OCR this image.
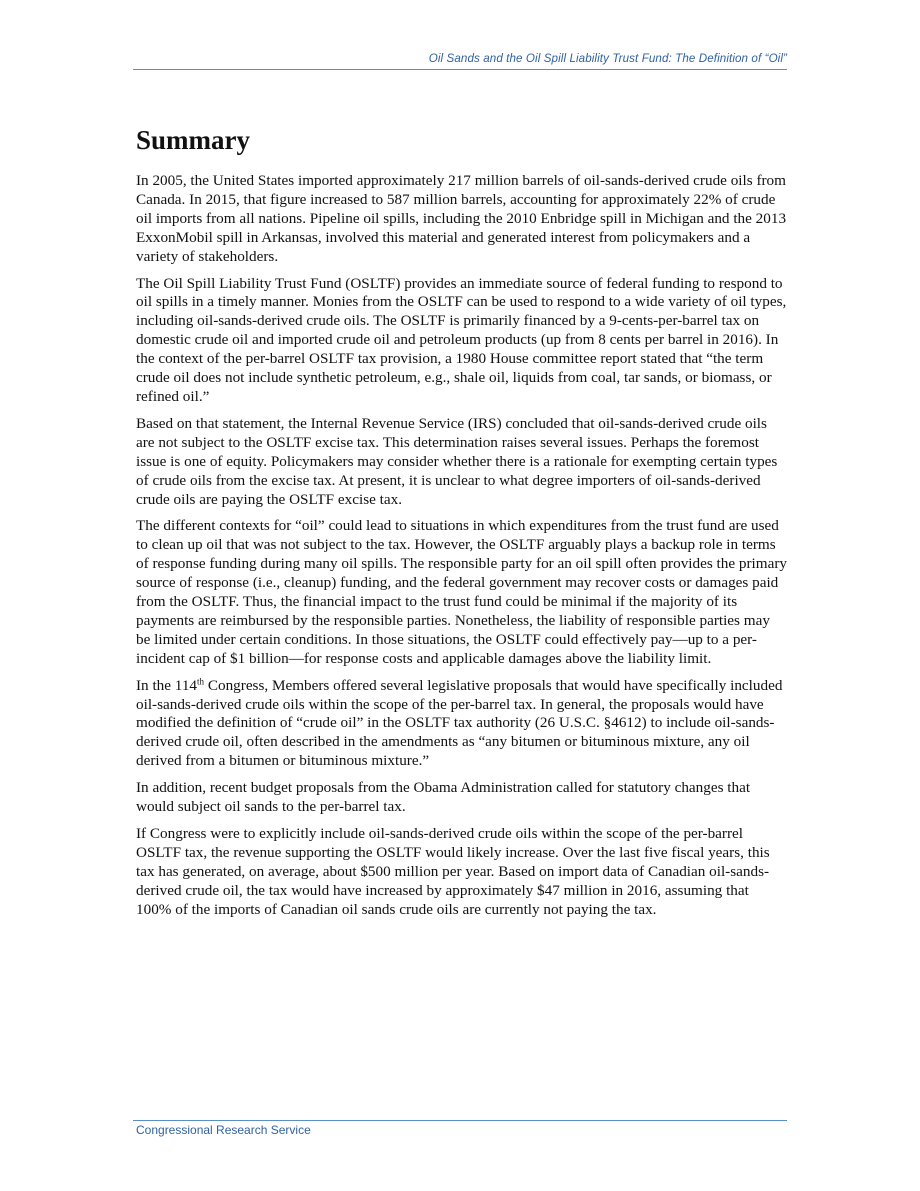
Oil Sands and the Oil Spill Liability Trust Fund: The Definition of “Oil”
Summary

In 2005, the United States imported approximately 217 million barrels of oil-sands-derived crude oils from Canada. In 2015, that figure increased to 587 million barrels, accounting for approximately 22% of crude oil imports from all nations. Pipeline oil spills, including the 2010 Enbridge spill in Michigan and the 2013 ExxonMobil spill in Arkansas, involved this material and generated interest from policymakers and a variety of stakeholders.

The Oil Spill Liability Trust Fund (OSLTF) provides an immediate source of federal funding to respond to oil spills in a timely manner. Monies from the OSLTF can be used to respond to a wide variety of oil types, including oil-sands-derived crude oils. The OSLTF is primarily financed by a 9-cents-per-barrel tax on domestic crude oil and imported crude oil and petroleum products (up from 8 cents per barrel in 2016). In the context of the per-barrel OSLTF tax provision, a 1980 House committee report stated that “the term crude oil does not include synthetic petroleum, e.g., shale oil, liquids from coal, tar sands, or biomass, or refined oil.”

Based on that statement, the Internal Revenue Service (IRS) concluded that oil-sands-derived crude oils are not subject to the OSLTF excise tax. This determination raises several issues. Perhaps the foremost issue is one of equity. Policymakers may consider whether there is a rationale for exempting certain types of crude oils from the excise tax. At present, it is unclear to what degree importers of oil-sands-derived crude oils are paying the OSLTF excise tax.

The different contexts for “oil” could lead to situations in which expenditures from the trust fund are used to clean up oil that was not subject to the tax. However, the OSLTF arguably plays a backup role in terms of response funding during many oil spills. The responsible party for an oil spill often provides the primary source of response (i.e., cleanup) funding, and the federal government may recover costs or damages paid from the OSLTF. Thus, the financial impact to the trust fund could be minimal if the majority of its payments are reimbursed by the responsible parties. Nonetheless, the liability of responsible parties may be limited under certain conditions. In those situations, the OSLTF could effectively pay—up to a per-incident cap of $1 billion—for response costs and applicable damages above the liability limit.

In the 114th Congress, Members offered several legislative proposals that would have specifically included oil-sands-derived crude oils within the scope of the per-barrel tax. In general, the proposals would have modified the definition of “crude oil” in the OSLTF tax authority (26 U.S.C. §4612) to include oil-sands-derived crude oil, often described in the amendments as “any bitumen or bituminous mixture, any oil derived from a bitumen or bituminous mixture.”

In addition, recent budget proposals from the Obama Administration called for statutory changes that would subject oil sands to the per-barrel tax.

If Congress were to explicitly include oil-sands-derived crude oils within the scope of the per-barrel OSLTF tax, the revenue supporting the OSLTF would likely increase. Over the last five fiscal years, this tax has generated, on average, about $500 million per year. Based on import data of Canadian oil-sands-derived crude oil, the tax would have increased by approximately $47 million in 2016, assuming that 100% of the imports of Canadian oil sands crude oils are currently not paying the tax.

Congressional Research Service
